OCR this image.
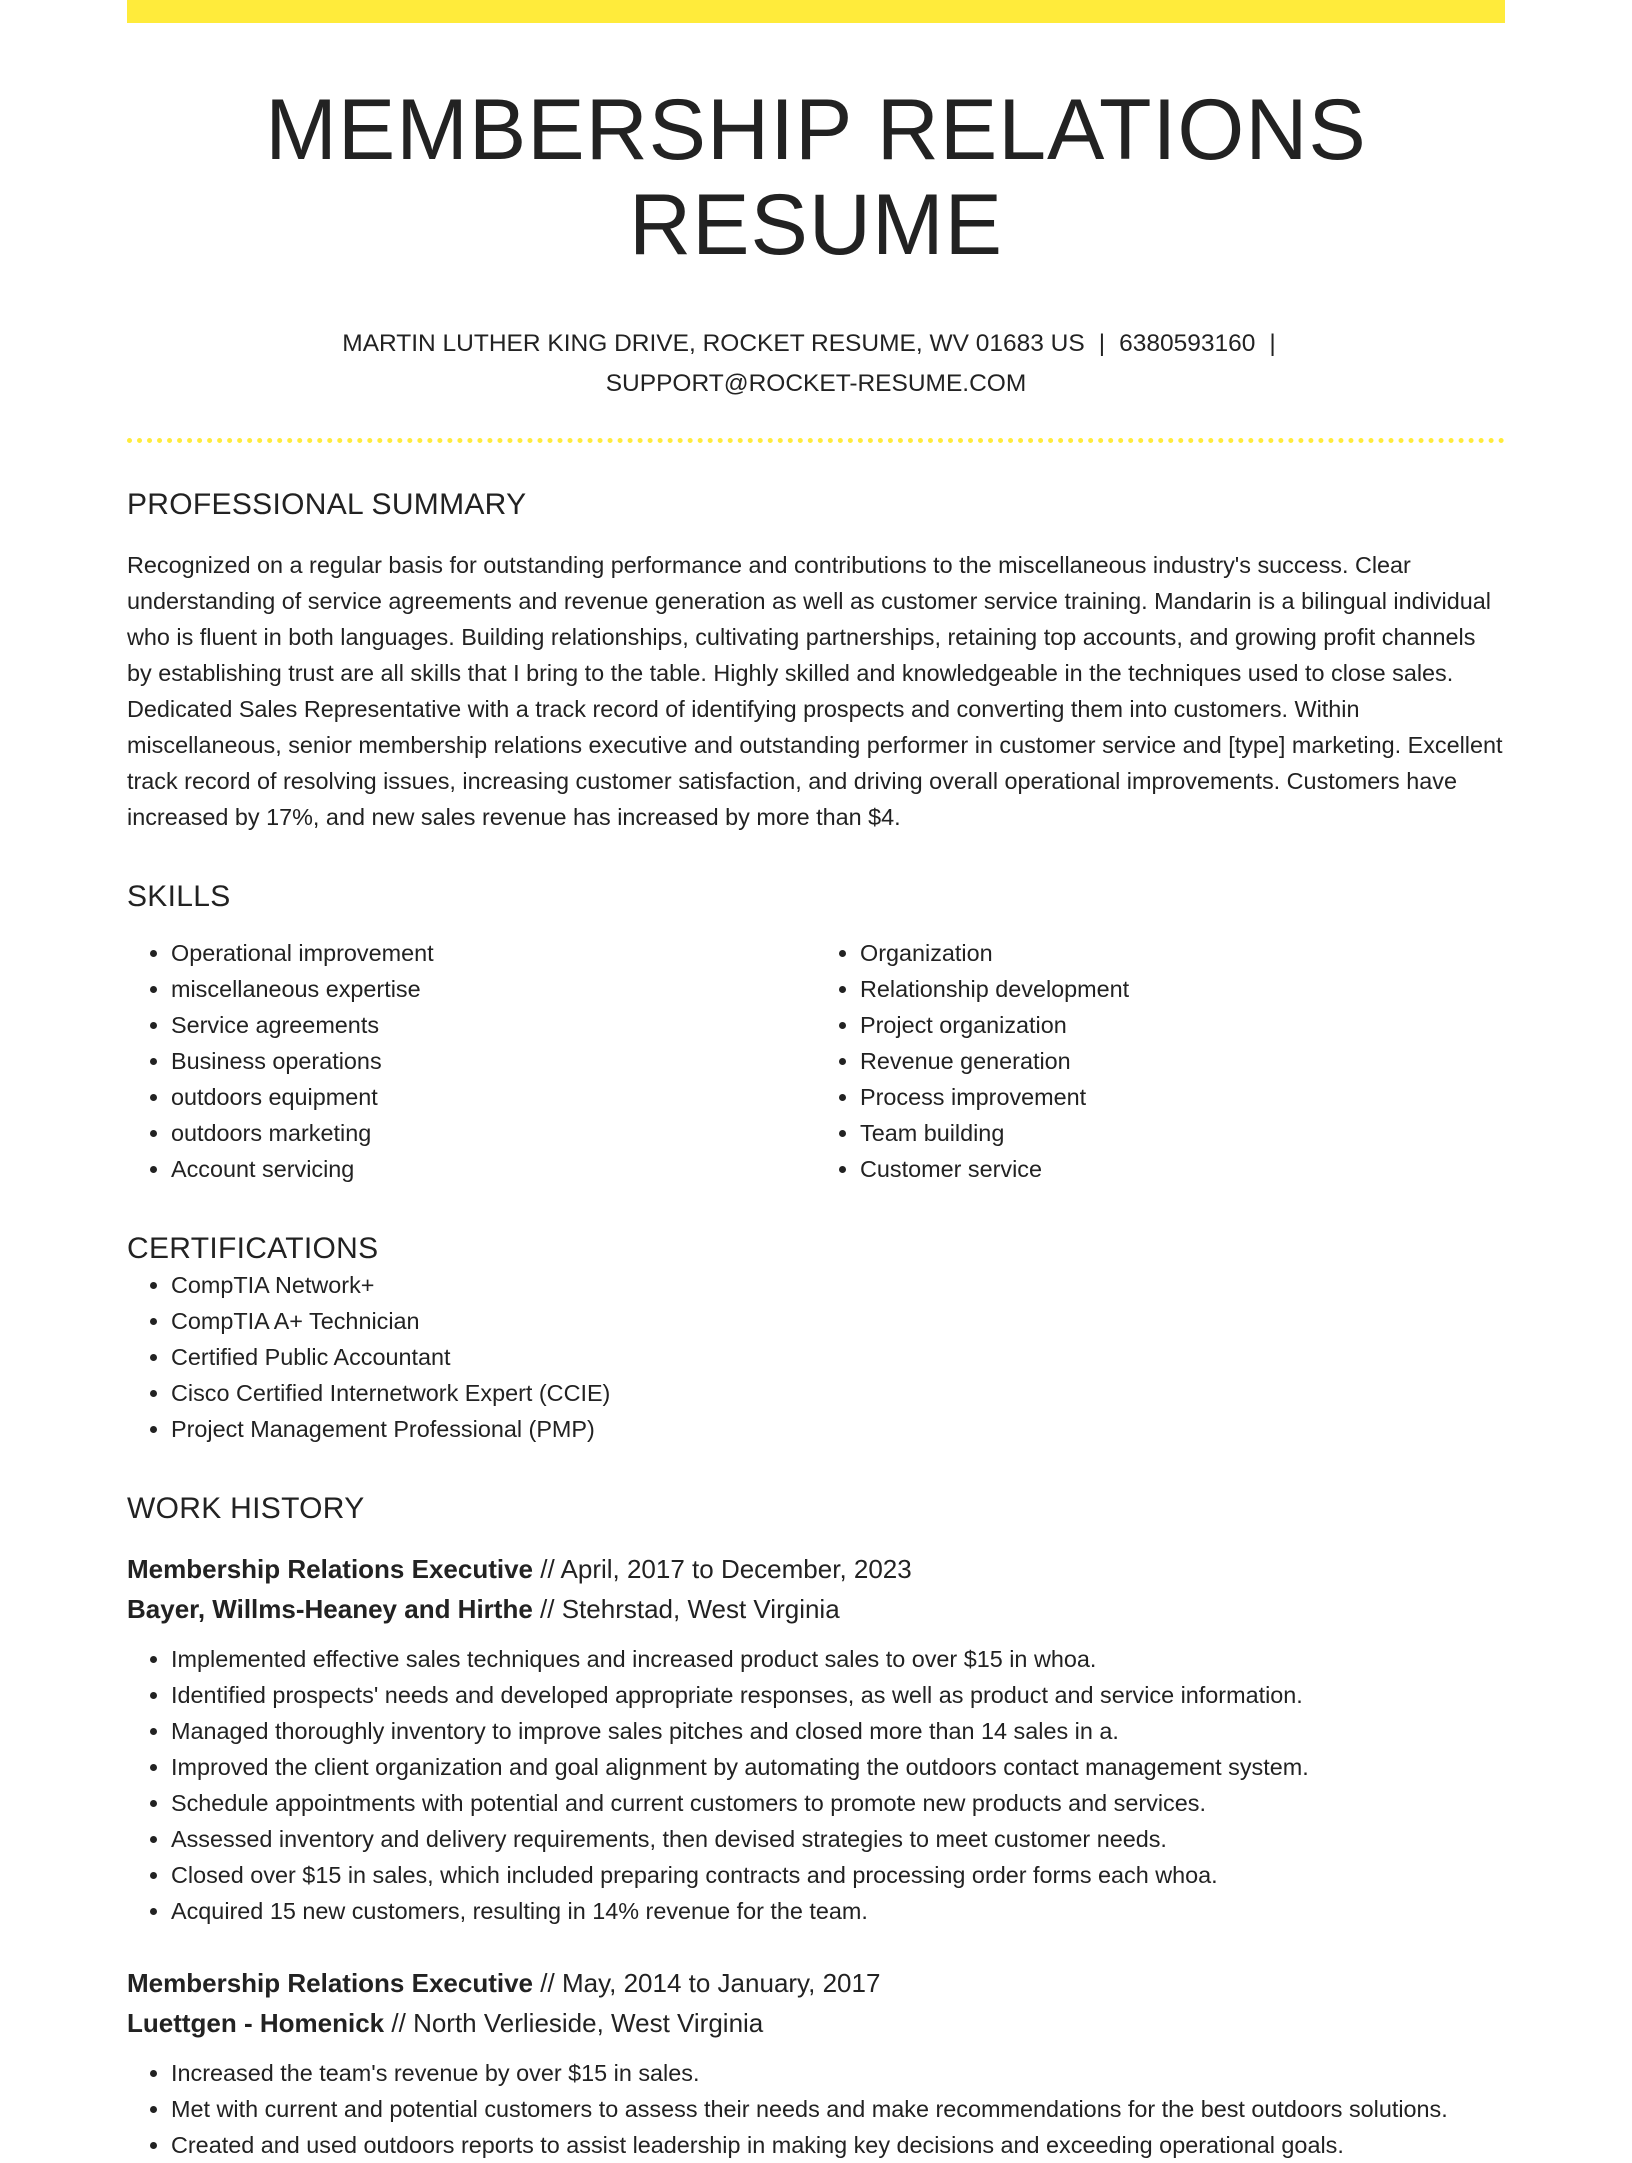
MEMBERSHIP RELATIONS RESUME
MARTIN LUTHER KING DRIVE, ROCKET RESUME, WV 01683 US | 6380593160 |
SUPPORT@ROCKET-RESUME.COM
PROFESSIONAL SUMMARY

Recognized on a regular basis for outstanding performance and contributions to the miscellaneous industry's success. Clear understanding of service agreements and revenue generation as well as customer service training. Mandarin is a bilingual individual who is fluent in both languages. Building relationships, cultivating partnerships, retaining top accounts, and growing profit channels by establishing trust are all skills that I bring to the table. Highly skilled and knowledgeable in the techniques used to close sales. Dedicated Sales Representative with a track record of identifying prospects and converting them into customers. Within miscellaneous, senior membership relations executive and outstanding performer in customer service and [type] marketing. Excellent track record of resolving issues, increasing customer satisfaction, and driving overall operational improvements. Customers have increased by 17%, and new sales revenue has increased by more than $4.

SKILLS
• Operational improvement
• miscellaneous expertise
• Service agreements
• Business operations
• outdoors equipment
• outdoors marketing
• Account servicing
• Organization
• Relationship development
• Project organization
• Revenue generation
• Process improvement
• Team building
• Customer service
CERTIFICATIONS
• CompTIA Network+
• CompTIA A+ Technician
• Certified Public Accountant
• Cisco Certified Internetwork Expert (CCIE)
• Project Management Professional (PMP)
WORK HISTORY
Membership Relations Executive // April, 2017 to December, 2023
Bayer, Willms-Heaney and Hirthe // Stehrstad, West Virginia
• Implemented effective sales techniques and increased product sales to over $15 in whoa.
• Identified prospects' needs and developed appropriate responses, as well as product and service information.
• Managed thoroughly inventory to improve sales pitches and closed more than 14 sales in a.
• Improved the client organization and goal alignment by automating the outdoors contact management system.
• Schedule appointments with potential and current customers to promote new products and services.
• Assessed inventory and delivery requirements, then devised strategies to meet customer needs.
• Closed over $15 in sales, which included preparing contracts and processing order forms each whoa.
• Acquired 15 new customers, resulting in 14% revenue for the team.
Membership Relations Executive // May, 2014 to January, 2017
Luettgen - Homenick // North Verlieside, West Virginia
• Increased the team's revenue by over $15 in sales.
• Met with current and potential customers to assess their needs and make recommendations for the best outdoors solutions.
• Created and used outdoors reports to assist leadership in making key decisions and exceeding operational goals.
